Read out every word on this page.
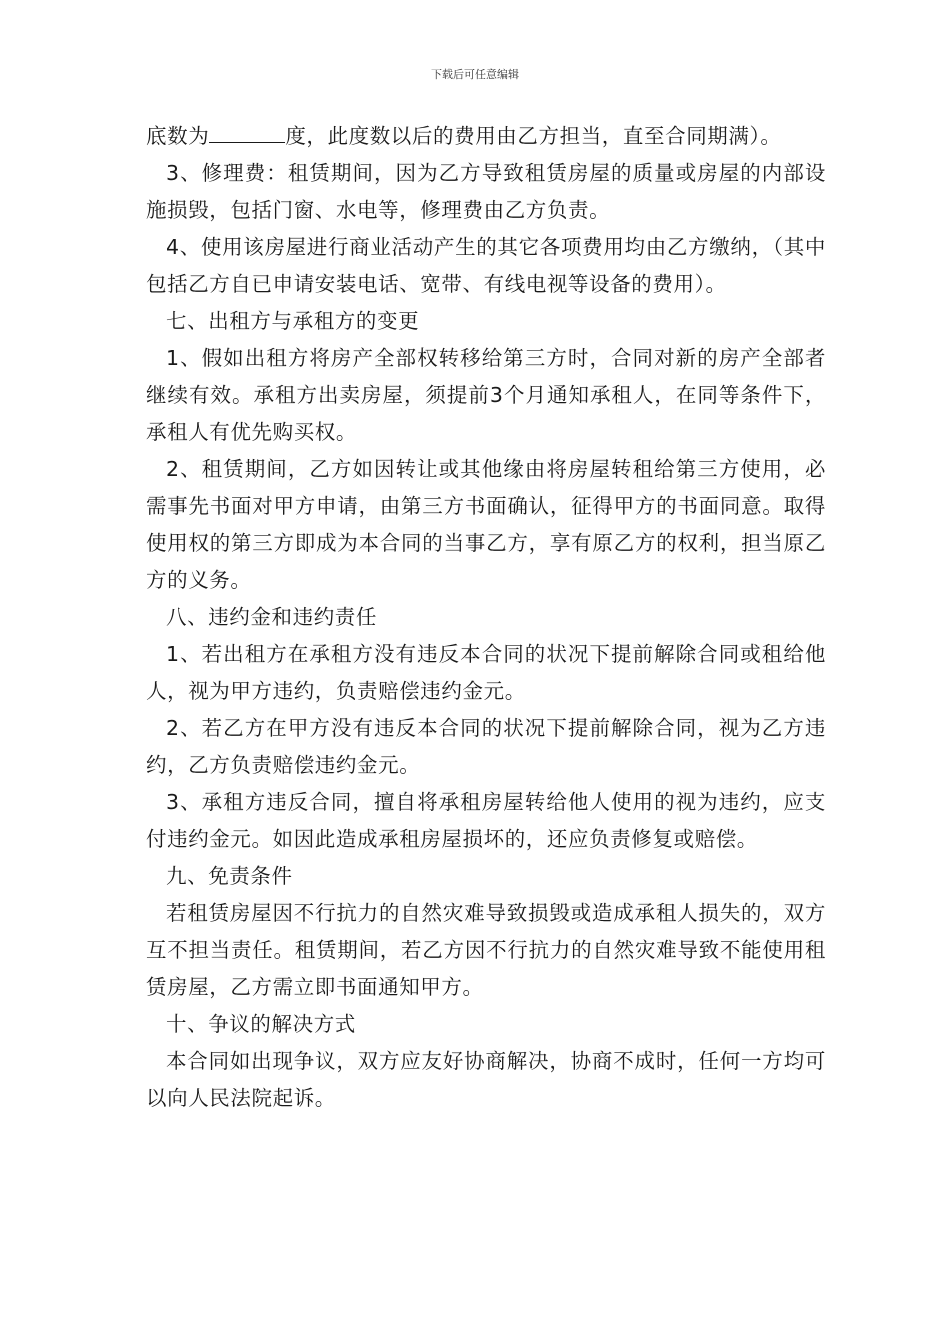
下载后可任意编辑

底数为	度，此度数以后的费用由乙方担当，直至合同期满）。

3、修理费：租赁期间，因为乙方导致租赁房屋的质量或房屋的内部设施损毁，包括门窗、水电等，修理费由乙方负责。

4、使用该房屋进行商业活动产生的其它各项费用均由乙方缴纳，（其中包括乙方自已申请安装电话、宽带、有线电视等设备的费用）。

七、出租方与承租方的变更

1、假如出租方将房产全部权转移给第三方时，合同对新的房产全部者继续有效。承租方出卖房屋，须提前3个月通知承租人，在同等条件下，承租人有优先购买权。

2、租赁期间，乙方如因转让或其他缘由将房屋转租给第三方使用，必需事先书面对甲方申请，由第三方书面确认，征得甲方的书面同意。取得使用权的第三方即成为本合同的当事乙方，享有原乙方的权利，担当原乙方的义务。

八、违约金和违约责任

1、若出租方在承租方没有违反本合同的状况下提前解除合同或租给他人，视为甲方违约，负责赔偿违约金元。

2、若乙方在甲方没有违反本合同的状况下提前解除合同，视为乙方违约，乙方负责赔偿违约金元。

3、承租方违反合同，擅自将承租房屋转给他人使用的视为违约，应支付违约金元。如因此造成承租房屋损坏的，还应负责修复或赔偿。

九、免责条件

若租赁房屋因不行抗力的自然灾难导致损毁或造成承租人损失的，双方互不担当责任。租赁期间，若乙方因不行抗力的自然灾难导致不能使用租赁房屋，乙方需立即书面通知甲方。

十、争议的解决方式

本合同如出现争议，双方应友好协商解决，协商不成时，任何一方均可以向人民法院起诉。
